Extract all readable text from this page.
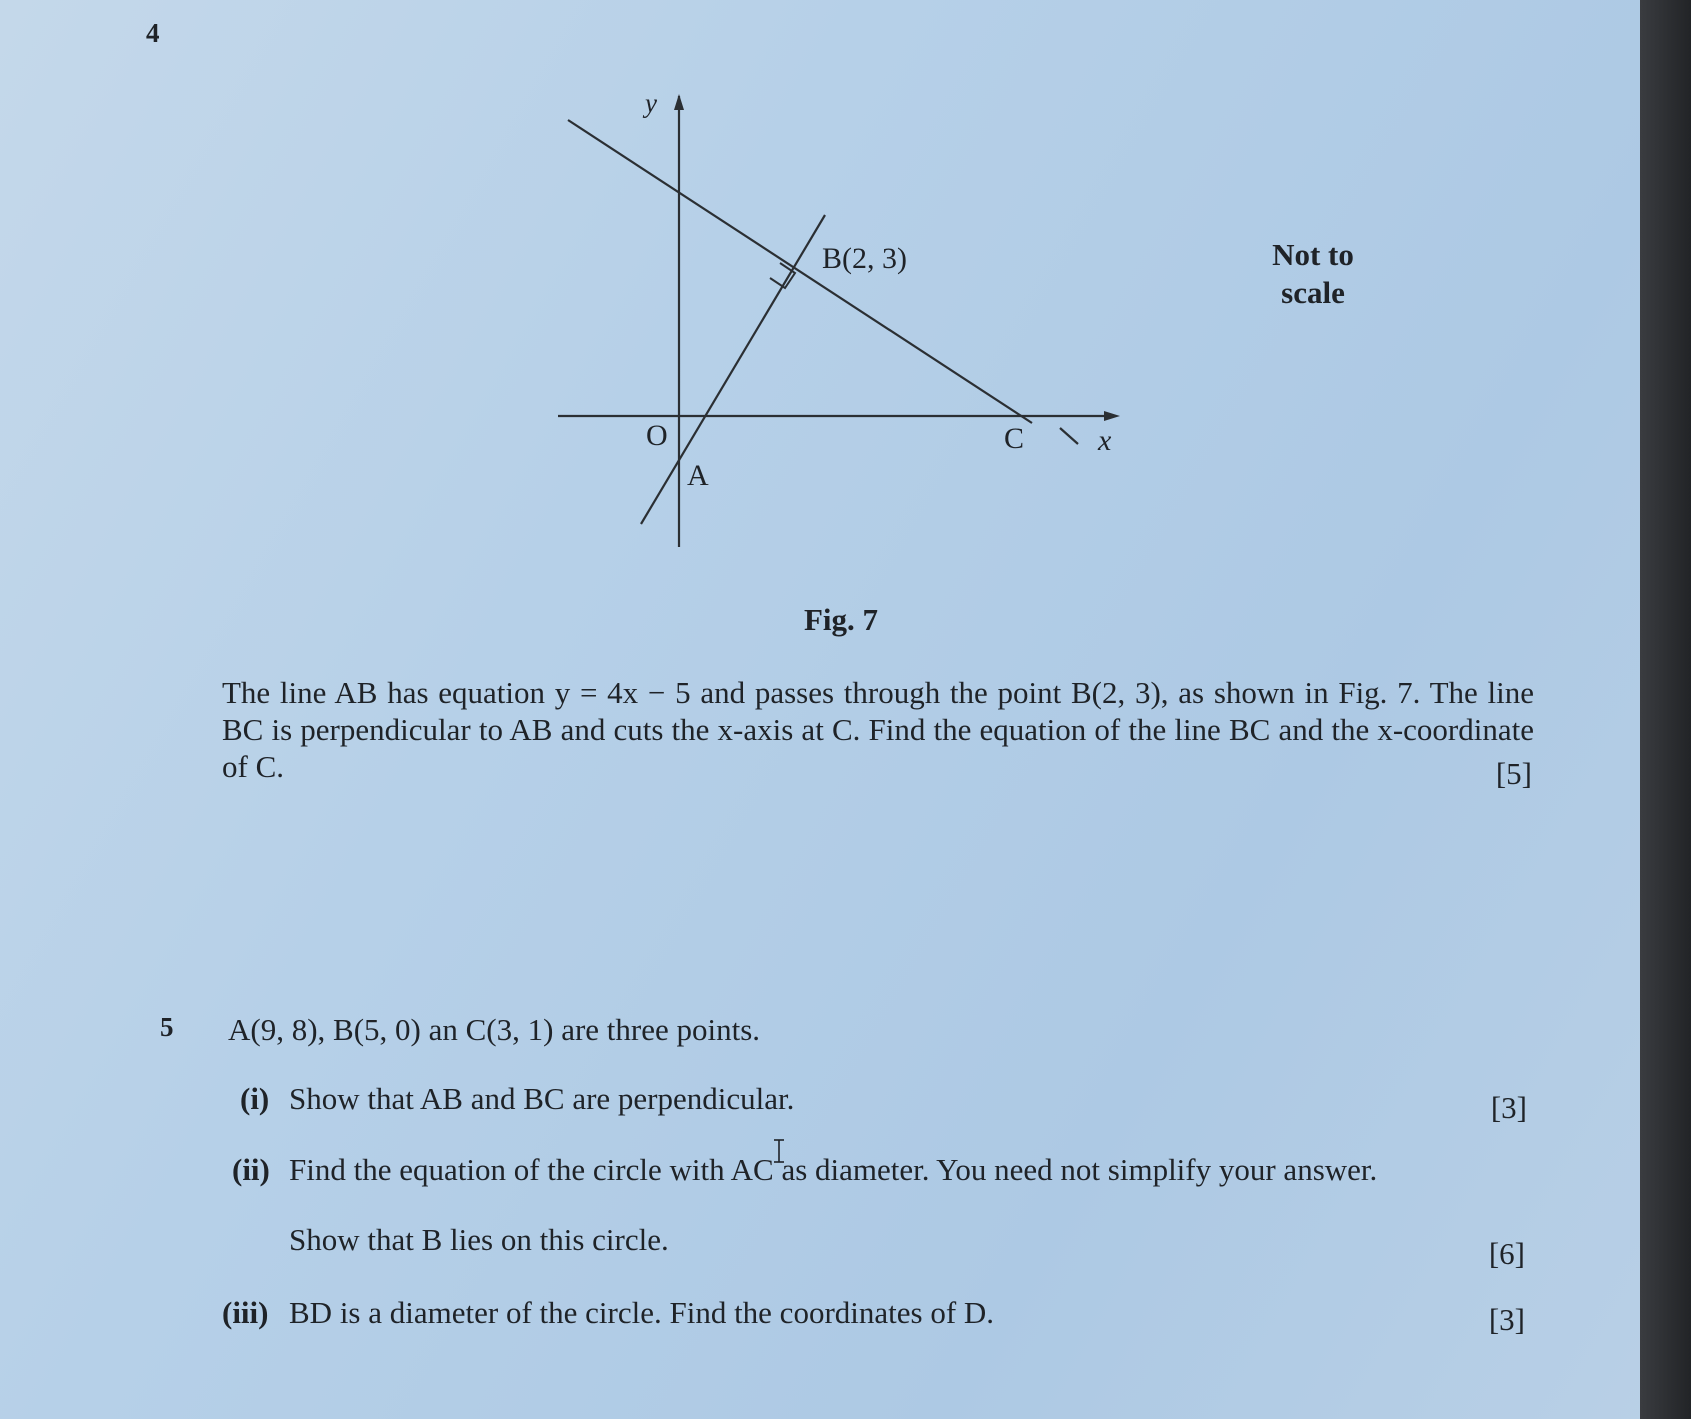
4
y
x
O
A
B(2, 3)
C
Not to
scale
Fig. 7
The line AB has equation y = 4x − 5 and passes through the point B(2, 3), as shown in Fig. 7. The line BC is perpendicular to AB and cuts the x-axis at C. Find the equation of the line BC and the x-coordinate of C.	[5]
5 A(9, 8), B(5, 0) an C(3, 1) are three points.
(i) Show that AB and BC are perpendicular.	[3]
(ii) Find the equation of the circle with AC as diameter. You need not simplify your answer.
Show that B lies on this circle.	[6]
(iii) BD is a diameter of the circle. Find the coordinates of D.	[3]
